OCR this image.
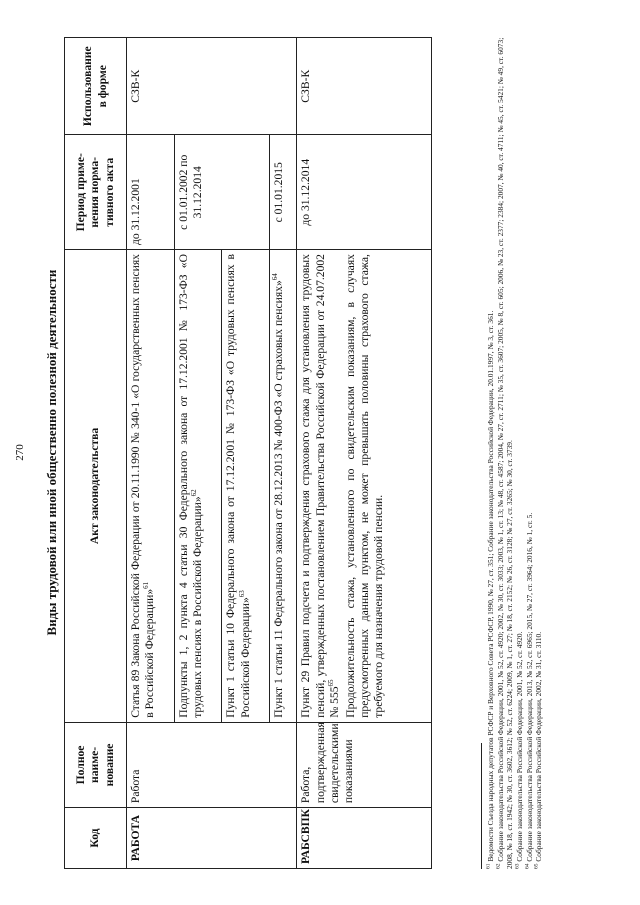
270 Виды трудовой или иной общественно полезной деятельности
Код	Полное наиме-нование	Акт законодательства	Период приме-нения норма-тивного акта	Использование в форме
РАБОТА	Работа	Статья 89 Закона Российской Федерации от 20.11.1990 № 340-1 «О государственных пенсиях в Российской Федерации»$^{61}$	до 31.12.2001	СЗВ-К
		Подпункты 1, 2 пункта 4 статьи 30 Федерального закона от 17.12.2001 № 173-ФЗ «О трудовых пенсиях в Российской Федерации»$^{62}$	с 01.01.2002 по 31.12.2014	
		Пункт 1 статьи 10 Федерального закона от 17.12.2001 № 173-ФЗ «О трудовых пенсиях в Российской Федерации»$^{63}$
		Пункт 1 статьи 11 Федерального закона от 28.12.2013 № 400-ФЗ «О страховых пенсиях»$^{64}$	с 01.01.2015	
РАБСВПК	Работа, подтвержденная свидетельскими показаниями	Пункт 29 Правил подсчета и подтверждения страхового стажа для установления трудовых пенсий, утвержденных постановлением Правительства Российской Федерации от 24.07.2002 № $555^{65}$ Продолжительность стажа, установленного по свидетельским показаниям, в случаях предусмотренных данным пунктом, не может превышать половины страхового стажа, требуемого для назначения трудовой пенсии.	до 31.12.2014	СЗВ-К
$^{61}$ Ведомости Съезда народных депутатов РСФСР и Верховного Совета РСФСР, 1990, № 27, ст. 351; Собрание законодательства Российской Федерации, 20.01.1997, № 3, ст. 361.
$^{62}$ Собрание законодательства Российской Федерации, 2001, № 52, ст. 4920; 2002, № 30, ст. 3033; 2003, № 1, ст. 13; № 48, ст. 4587; 2004, № 27, ст. 2711; № 35, ст. 3607; 2005, № 8, ст. 605; 2006, № 23, ст. 2377; 2384; 2007, № 40, ст. 4711; № 45, ст. 5421; № 49, ст. 6073; 2008, № 18, ст. 1942; № 30, ст. 3602, 3612; № 52, ст. 6224; 2009, № 1, ст. 27; № 18, ст. 2152; № 26, ст. 3128; № 27, ст. 3265; № 30, ст. 3739. $^{63}$ Собрание законодательства Российской Федерации, 2001, № 52, ст. 4920.
$^{64}$ Собрание законодательства Российской Федерации, 2013, № 52, ст. 6965; 2015, № 27, ст. 3964; 2016, № 1, ст. 5.
$^{65}$ Собрание законодательства Российской Федерации, 2002, № 31, ст. 3110.
